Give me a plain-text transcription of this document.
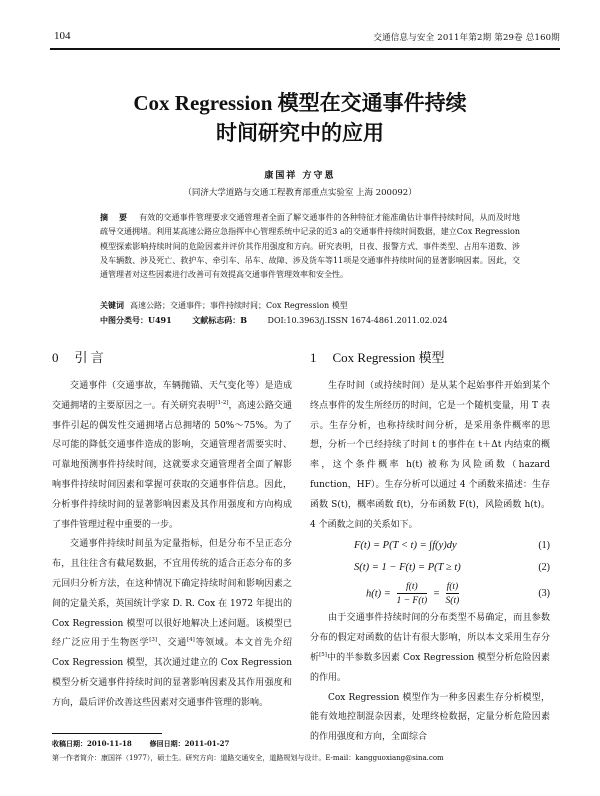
104	交通信息与安全 2011年第2期 第29卷 总160期
Cox Regression 模型在交通事件持续
时间研究中的应用
康国祥 方守恩
（同济大学道路与交通工程教育部重点实验室 上海 200092）
摘 要 有效的交通事件管理要求交通管理者全面了解交通事件的各种特征才能准确估计事件持续时间，从而及时地疏导交通拥堵。利用某高速公路应急指挥中心管理系统中记录的近3 a的交通事件持续时间数据，建立Cox Regression模型探索影响持续时间的危险因素并评价其作用强度和方向。研究表明，日夜、报警方式、事件类型、占用车道数、涉及车辆数、涉及死亡、救护车、牵引车、吊车、故障、涉及货车等11项是交通事件持续时间的显著影响因素。因此，交通管理者对这些因素进行改善可有效提高交通事件管理效率和安全性。
关键词 高速公路；交通事件；事件持续时间；Cox Regression 模型
中图分类号：U491	文献标志码：B	DOI:10.3963/j.ISSN 1674-4861.2011.02.024
0 引 言

交通事件（交通事故，车辆抛锚、天气变化等）是造成交通拥堵的主要原因之一。有关研究表明[1-2]，高速公路交通事件引起的偶发性交通拥堵占总拥堵的 50%～75%。为了尽可能的降低交通事件造成的影响，交通管理者需要实时、可靠地预测事件持续时间，这就要求交通管理者全面了解影响事件持续时间因素和掌握可获取的交通事件信息。因此，分析事件持续时间的显著影响因素及其作用强度和方向构成了事件管理过程中重要的一步。

交通事件持续时间虽为定量指标，但是分布不呈正态分布，且往往含有截尾数据，不宜用传统的适合正态分布的多元回归分析方法，在这种情况下确定持续时间和影响因素之间的定量关系，英国统计学家 D. R. Cox 在 1972 年提出的 Cox Regression 模型可以很好地解决上述问题。该模型已经广泛应用于生物医学[3]、交通[4]等领域。本文首先介绍 Cox Regression 模型，其次通过建立的 Cox Regression 模型分析交通事件持续时间的显著影响因素及其作用强度和方向，最后评价改善这些因素对交通事件管理的影响。

1 Cox Regression 模型

生存时间（或持续时间）是从某个起始事件开始到某个终点事件的发生所经历的时间，它是一个随机变量，用 T 表示。生存分析，也称持续时间分析，是采用条件概率的思想，分析一个已经持续了时间 t 的事件在 t＋Δt 内结束的概率，这个条件概率 h(t) 被称为风险函数（hazard function，HF）。生存分析可以通过 4 个函数来描述：生存函数 S(t)，概率函数 f(t)，分布函数 F(t)，风险函数 h(t)。4 个函数之间的关系如下。

F(t) = P(T < t) = ∫f(y)dy	(1)
S(t) = 1 − F(t) = P(T ≥ t)	(2)
$h(t) = \frac{f(t)}{1 - F(t)} = \frac{f(t)}{S(t)}$	(3)

由于交通事件持续时间的分布类型不易确定，而且参数分布的假定对函数的估计有很大影响，所以本文采用生存分析[5]中的半参数多因素 Cox Regression 模型分析危险因素的作用。

Cox Regression 模型作为一种多因素生存分析模型，能有效地控制混杂因素，处理终检数据，定量分析危险因素的作用强度和方向，全面综合

收稿日期：2010-11-18	修回日期：2011-01-27
第一作者简介：康国祥（1977），硕士生。研究方向：道路交通安全，道路规划与设计。E-mail：kangguoxiang@sina.com
